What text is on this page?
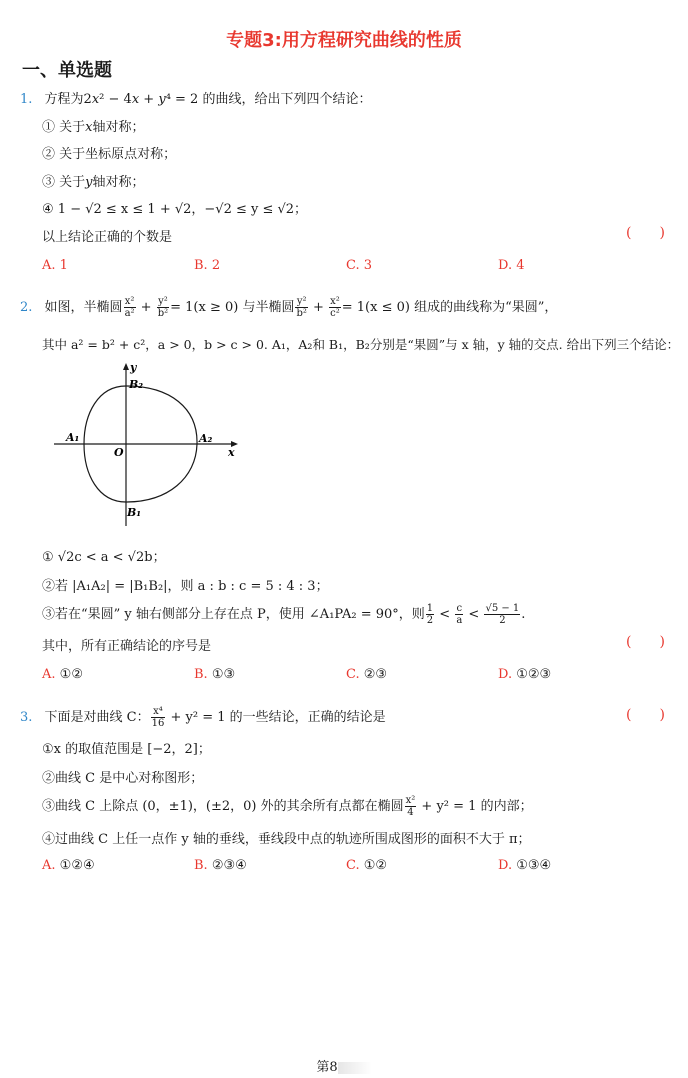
专题3:用方程研究曲线的性质
一、单选题
1. 方程为2x² − 4x + y⁴ = 2 的曲线，给出下列四个结论：
① 关于x轴对称；
② 关于坐标原点对称；
③ 关于y轴对称；
④ 1 − √2 ≤ x ≤ 1 + √2，−√2 ≤ y ≤ √2；
以上结论正确的个数是	(  )
A. 1	B. 2	C. 3	D. 4
2. 如图，半椭圆 $\frac{\text{x²}}{\text{a²}} + \frac{\text{y²}}{\text{b²}} = 1(x \ge 0)$ 与半椭圆 $\frac{\text{y²}}{\text{b²}} + \frac{\text{x²}}{\text{c²}} = 1(x \le 0)$ 组成的曲线称为“果圆”，
其中 a² = b² + c²，a > 0，b > c > 0. A₁，A₂和 B₁，B₂分别是“果圆”与 x 轴，y 轴的交点. 给出下列三个结论：
y
B₂
A₁	A₂
O	x
B₁
① √2c < a < √2b；
②若 |A₁A₂| = |B₁B₂|，则 a : b : c = 5 : 4 : 3；
③若在“果圆” y 轴右侧部分上存在点 P，使用 ∠A₁PA₂ = 90°，则 $\frac{1}{2} < \frac{c}{a} < \frac{√5 - 1}{2}$ .
其中，所有正确结论的序号是	(  )
A. ①②	B. ①③	C. ②③	D. ①②③
3. 下面是对曲线 C： $\frac{\text{x⁴}}{16} + y^2 = 1$ 的一些结论，正确的结论是	(  )
①x 的取值范围是 [−2，2]；
②曲线 C 是中心对称图形；
③曲线 C 上除点 (0，±1)，(±2，0) 外的其余所有点都在椭圆 $\frac{\text{x²}}{4} + y^2 = 1$ 的内部；
④过曲线 C 上任一点作 y 轴的垂线，垂线段中点的轨迹所围成图形的面积不大于 π；
A. ①②④	B. ②③④	C. ①②	D. ①③④
第8
